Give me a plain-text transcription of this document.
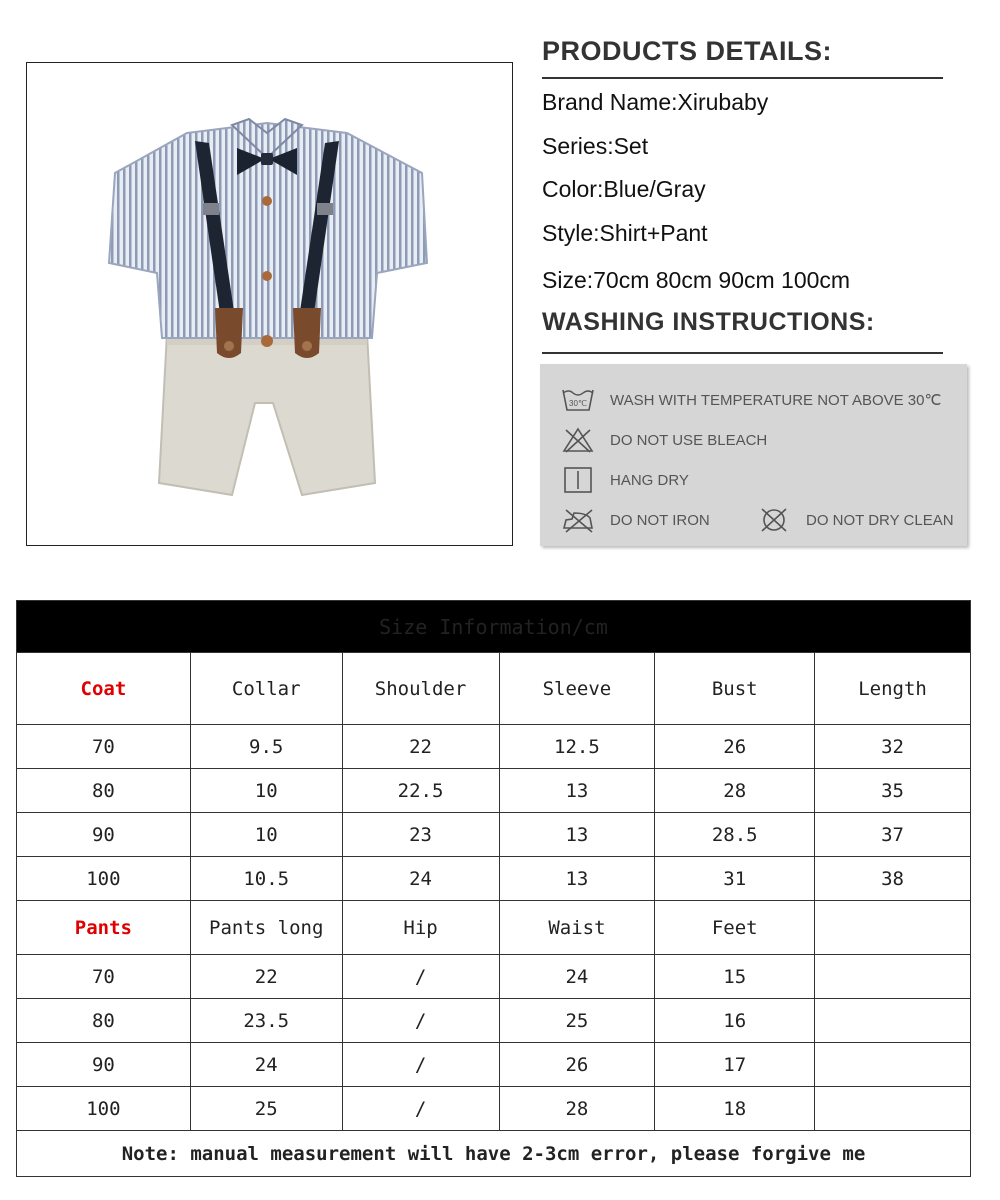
PRODUCTS DETAILS:
Brand Name:Xirubaby
Series:Set
Color:Blue/Gray
Style:Shirt+Pant
Size:70cm 80cm 90cm 100cm
WASHING INSTRUCTIONS:
30℃ WASH WITH TEMPERATURE NOT ABOVE 30℃
DO NOT USE BLEACH
HANG DRY
DO NOT IRON	DO NOT DRY CLEAN
Size Information/cm					
Coat	Collar	Shoulder	Sleeve	Bust	Length
70	9.5	22	12.5	26	32
80	10	22.5	13	28	35
90	10	23	13	28.5	37
100	10.5	24	13	31	38
Pants	Pants long	Hip	Waist	Feet	
70	22	/	24	15	
80	23.5	/	25	16	
90	24	/	26	17	
100	25	/	28	18	
Note: manual measurement will have 2-3cm error, please forgive me					
